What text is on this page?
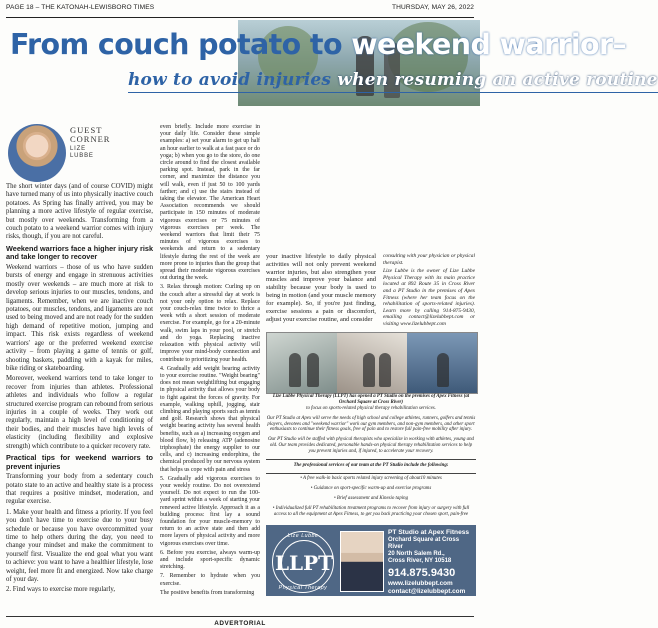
PAGE 18 – THE KATONAH-LEWISBORO TIMES	THURSDAY, MAY 26, 2022
From couch potato to weekend warrior–
how to avoid injuries when resuming an active routine
GUEST
CORNER
LIZE
LUBBE

The short winter days (and of course COVID) might have turned many of us into physically inactive couch potatoes. As Spring has finally arrived, you may be planning a more active lifestyle of regular exercise, but mostly over weekends. Transforming from a couch potato to a weekend warrior comes with injury risks, though, if you are not careful.

Weekend warriors face a higher injury risk and take longer to recover

Weekend warriors – those of us who have sudden bursts of energy and engage in strenuous activities mostly over weekends – are much more at risk to develop serious injuries to our muscles, tendons, and ligaments. Remember, when we are inactive couch potatoes, our muscles, tendons, and ligaments are not used to being moved and are not ready for the sudden high demand of repetitive motion, jumping and impact. This risk exists regardless of weekend warriors' age or the preferred weekend exercise activity – from playing a game of tennis or golf, shooting baskets, paddling with a kayak for miles, bike riding or skateboarding.

Moreover, weekend warriors tend to take longer to recover from injuries than athletes. Professional athletes and individuals who follow a regular structured exercise program can rebound from serious injuries in a couple of weeks. They work out regularly, maintain a high level of conditioning of their bodies, and their muscles have high levels of elasticity (including flexibility and explosive strength) which contribute to a quicker recovery rate.

Practical tips for weekend warriors to prevent injuries

Transforming your body from a sedentary couch potato state to an active and healthy state is a process that requires a positive mindset, moderation, and regular exercise.

1. Make your health and fitness a priority. If you feel you don't have time to exercise due to your busy schedule or because you have overcommitted your time to help others during the day, you need to change your mindset and make the commitment to yourself first. Visualize the end goal what you want to achieve: you want to have a healthier lifestyle, lose weight, feel more fit and energized. Now take charge of your day.

2. Find ways to exercise more regularly,

even briefly. Include more exercise in your daily life. Consider these simple examples: a) set your alarm to get up half an hour earlier to walk at a fast pace or do yoga; b) when you go to the store, do one circle around to find the closest available parking spot. Instead, park in the far corner, and maximize the distance you will walk, even if just 50 to 100 yards farther; and c) use the stairs instead of taking the elevator. The American Heart Association recommends we should participate in 150 minutes of moderate vigorous exercises or 75 minutes of vigorous exercises per week. The weekend warriors that limit their 75 minutes of vigorous exercises to weekends and return to a sedentary lifestyle during the rest of the week are more prone to injuries than the group that spread their moderate vigorous exercises out during the week.

3. Relax through motion: Curling up on the couch after a stressful day at work is not your only option to relax. Replace your couch-relax time twice to thrice a week with a short session of moderate exercise. For example, go for a 20-minute walk, swim laps in your pool, or stretch and do yoga. Replacing inactive relaxation with physical activity will improve your mind-body connection and contribute to prioritizing your health.

4. Gradually add weight bearing activity to your exercise routine. "Weight bearing" does not mean weightlifting but engaging in physical activity that allows your body to fight against the forces of gravity. For example, walking uphill, jogging, stair climbing and playing sports such as tennis and golf. Research shows that physical weight bearing activity has several health benefits, such as a) increasing oxygen and blood flow, b) releasing ATP (adenosine triphosphate) the energy supplier to our cells, and c) increasing endorphins, the chemical produced by our nervous system that helps us cope with pain and stress

5. Gradually add vigorous exercises to your weekly routine. Do not overextend yourself. Do not expect to run the 100-yard sprint within a week of starting your renewed active lifestyle. Approach it as a building process: first lay a sound foundation for your muscle-memory to return to an active state and then add more layers of physical activity and more vigorous exercises over time.

6. Before you exercise, always warm-up and include sport-specific dynamic stretching.

7. Remember to hydrate when you exercise.

The positive benefits from transforming

your inactive lifestyle to daily physical activities will not only prevent weekend warrior injuries, but also strengthen your muscles and improve your balance and stability because your body is used to being in motion (and your muscle memory for example). So, if you're just finding, exercise sessions a pain or discomfort, adjust your exercise routine, and consider

consulting with your physician or physical therapist.

Lize Lubbe is the owner of Lize Lubbe Physical Therapy with its main practice located at 892 Route 35 in Cross River and a PT Studio in the premises of Apex Fitness (where her team focus on the rehabilitation of sports-related injuries). Learn more by calling 914-875-9430, emailing contact@lizelubbept.com or visiting www.lizelubbept.com

Lize Lubbe Physical Therapy (LLPT) has opened a PT Studio on the premises of Apex Fitness (at Orchard Square at Cross River)
to focus on sports-related physical therapy rehabilitation services.

Our PT Studio at Apex will serve the needs of high school and college athletes, runners, golfers and tennis players, devotees and "weekend warrior" work out gym members, and non-gym members, and other sport enthusiasts to continue their fitness goals, free of pain and to restore full pain-free mobility after injury.

Our PT Studio will be staffed with physical therapists who specialize in working with athletes, young and old. Our team provides dedicated, personable hands-on physical therapy rehabilitation services to help you prevent injuries and, if injured, to accelerate your recovery.

The professional services of our team at the PT Studio include the following:

• A free walk-in basic sports related injury screening of about10 minutes

• Guidance on sport-specific warm-up and exercise programs

• Brief assessment and Kinesio taping

• Individualized full PT rehabilitation treatment programs to recover from injury or surgery with full access to all the equipment at Apex Fitness, to get you back practicing your chosen sport, pain-free

Lize Lubbe
LLPT
Physical Therapy
PT Studio at Apex Fitness
Orchard Square at Cross River
20 North Salem Rd.,
Cross River, NY 10518
914.875.9430
www.lizelubbept.com
contact@lizelubbept.com
ADVERTORIAL
